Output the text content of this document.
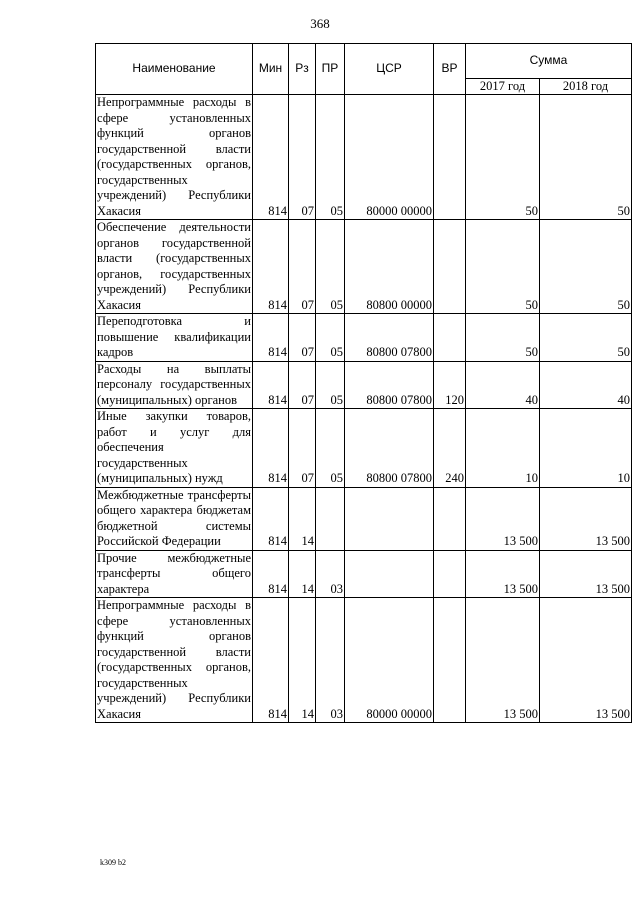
368
Наименование	Мин	Рз	ПР	ЦСР	ВР	Сумма	
						2017 год	2018 год
Непрограммные расходы в сфере установленных функций органов государственной власти (государственных органов, государственных учреждений) Республики Хакасия	814	07	05	80000 00000		50	50
Обеспечение деятельности органов государственной власти (государственных органов, государственных учреждений) Республики Хакасия	814	07	05	80800 00000		50	50
Переподготовка и повышение квалификации кадров	814	07	05	80800 07800		50	50
Расходы на выплаты персоналу государственных (муниципальных) органов	814	07	05	80800 07800	120	40	40
Иные закупки товаров, работ и услуг для обеспечения государственных (муниципальных) нужд	814	07	05	80800 07800	240	10	10
Межбюджетные трансферты общего характера бюджетам бюджетной системы Российской Федерации	814	14				13 500	13 500
Прочие межбюджетные трансферты общего характера	814	14	03			13 500	13 500
Непрограммные расходы в сфере установленных функций органов государственной власти (государственных органов, государственных учреждений) Республики Хакасия	814	14	03	80000 00000		13 500	13 500
k309 b2
